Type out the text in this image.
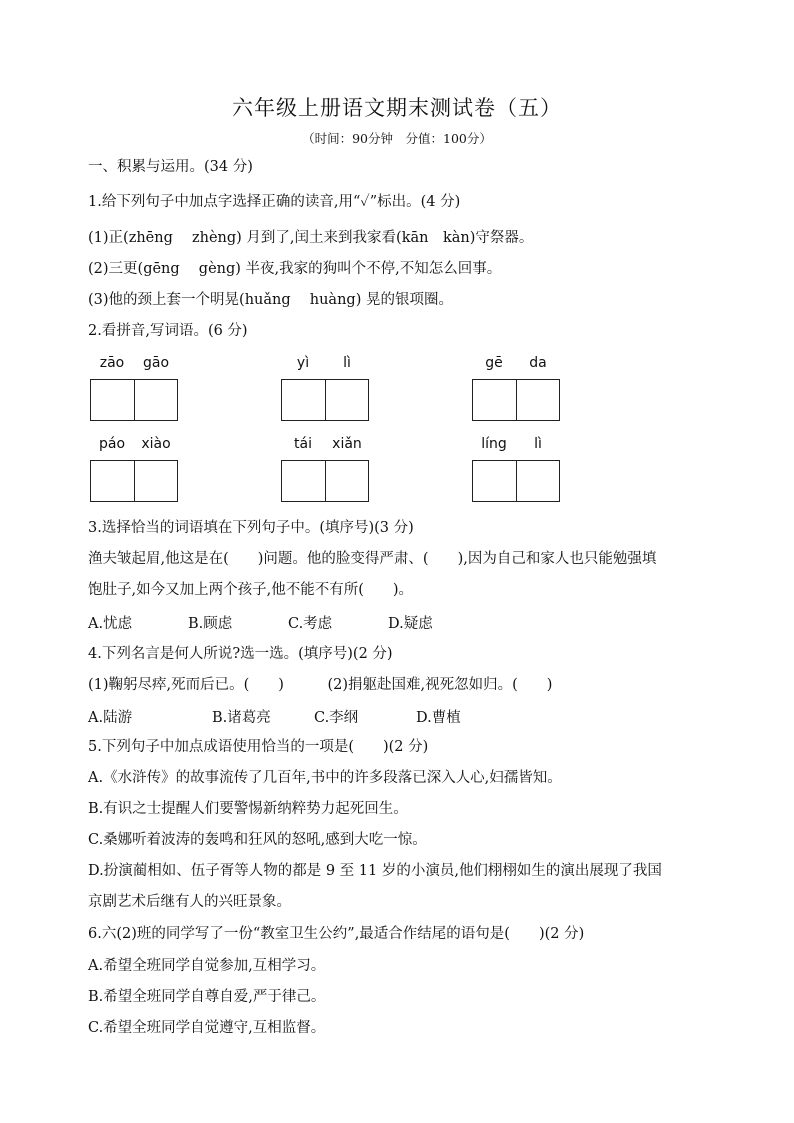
六年级上册语文期末测试卷（五）
（时间：90分钟　分值：100分）
一、积累与运用。(34 分)
1.给下列句子中加点字选择正确的读音,用“✓”标出。(4 分)
(1)正(zhēng　 zhèng) 月到了,闰土来到我家看(kān　kàn)守祭器。
(2)三更(gēng　 gèng) 半夜,我家的狗叫个不停,不知怎么回事。
(3)他的颈上套一个明晃(huǎng　 huàng) 晃的银项圈。
2.看拼音,写词语。(6 分)
zāo	gāo	yì	lì	gē	da
páo	xiào	tái	xiǎn	líng	lì
3.选择恰当的词语填在下列句子中。(填序号)(3 分)
渔夫皱起眉,他这是在(　　)问题。他的脸变得严肃、(　　),因为自己和家人也只能勉强填
饱肚子,如今又加上两个孩子,他不能不有所(　　)。
A.忧虑	B.顾虑	C.考虑	D.疑虑
4.下列名言是何人所说?选一选。(填序号)(2 分)
(1)鞠躬尽瘁,死而后已。(　　)　　　(2)捐躯赴国难,视死忽如归。(　　)
A.陆游	B.诸葛亮	C.李纲	D.曹植
5.下列句子中加点成语使用恰当的一项是(　　)(2 分)
A.《水浒传》的故事流传了几百年,书中的许多段落已深入人心,妇孺皆知。
B.有识之士提醒人们要警惕新纳粹势力起死回生。
C.桑娜听着波涛的轰鸣和狂风的怒吼,感到大吃一惊。
D.扮演蔺相如、伍子胥等人物的都是 9 至 11 岁的小演员,他们栩栩如生的演出展现了我国
京剧艺术后继有人的兴旺景象。
6.六(2)班的同学写了一份“教室卫生公约”,最适合作结尾的语句是(　　)(2 分)
A.希望全班同学自觉参加,互相学习。
B.希望全班同学自尊自爱,严于律己。
C.希望全班同学自觉遵守,互相监督。
